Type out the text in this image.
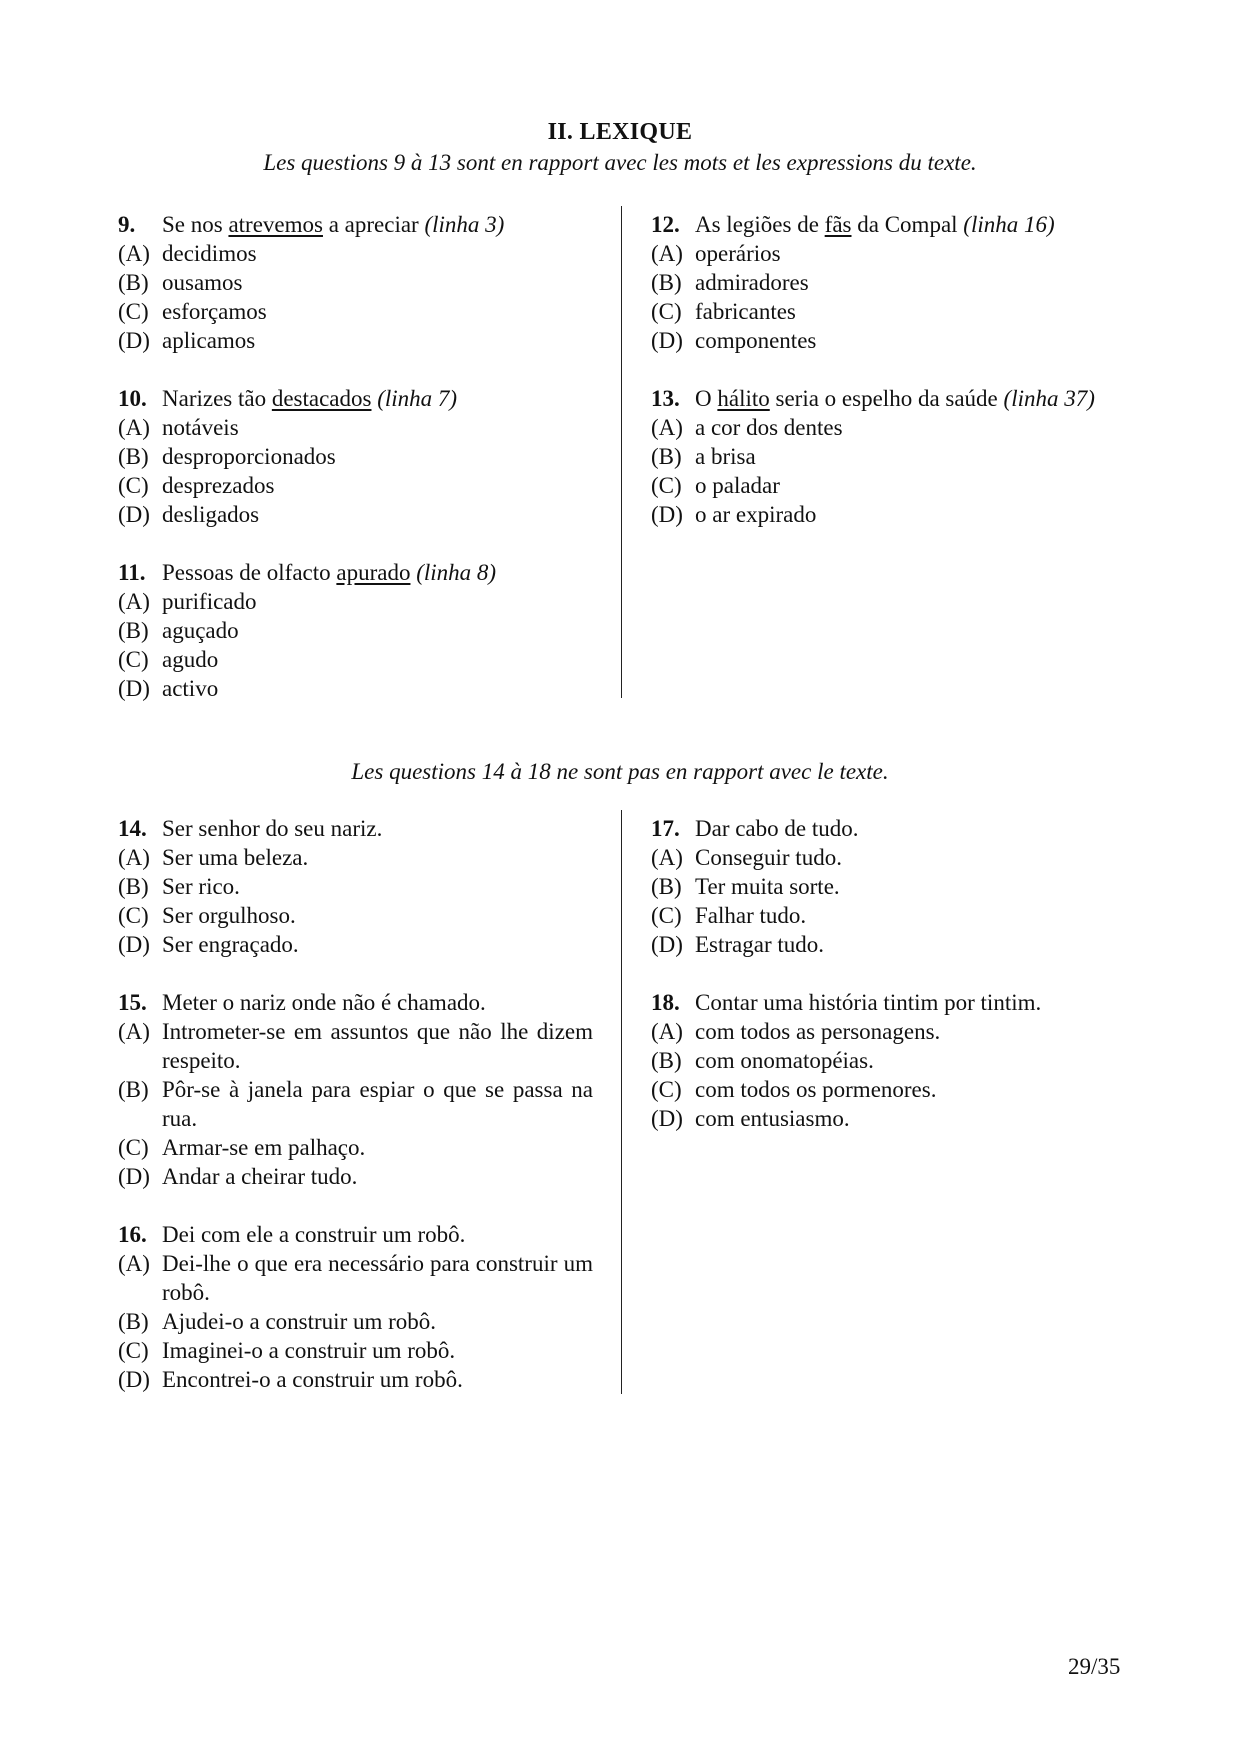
II. LEXIQUE
Les questions 9 à 13 sont en rapport avec les mots et les expressions du texte.
9.	Se nos atrevemos a apreciar (linha 3)
(A) decidimos
(B) ousamos
(C) esforçamos
(D) aplicamos
10. Narizes tão destacados (linha 7)
(A) notáveis
(B) desproporcionados
(C) desprezados
(D) desligados
11. Pessoas de olfacto apurado (linha 8)
(A) purificado
(B) aguçado
(C) agudo
(D) activo
12. As legiões de fãs da Compal (linha 16)
(A) operários
(B) admiradores
(C) fabricantes
(D) componentes
13. O hálito seria o espelho da saúde (linha 37)
(A) a cor dos dentes
(B) a brisa
(C) o paladar
(D) o ar expirado
Les questions 14 à 18 ne sont pas en rapport avec le texte.
14. Ser senhor do seu nariz.
(A) Ser uma beleza.
(B) Ser rico.
(C) Ser orgulhoso.
(D) Ser engraçado.
15. Meter o nariz onde não é chamado.
(A) Intrometer-se em assuntos que não lhe dizem respeito.
(B) Pôr-se à janela para espiar o que se passa na rua.
(C) Armar-se em palhaço.
(D) Andar a cheirar tudo.
16. Dei com ele a construir um robô.
(A) Dei-lhe o que era necessário para construir um robô.
(B) Ajudei-o a construir um robô.
(C) Imaginei-o a construir um robô.
(D) Encontrei-o a construir um robô.
17. Dar cabo de tudo.
(A) Conseguir tudo.
(B) Ter muita sorte.
(C) Falhar tudo.
(D) Estragar tudo.
18. Contar uma história tintim por tintim.
(A) com todos as personagens.
(B) com onomatopéias.
(C) com todos os pormenores.
(D) com entusiasmo.
29/35
